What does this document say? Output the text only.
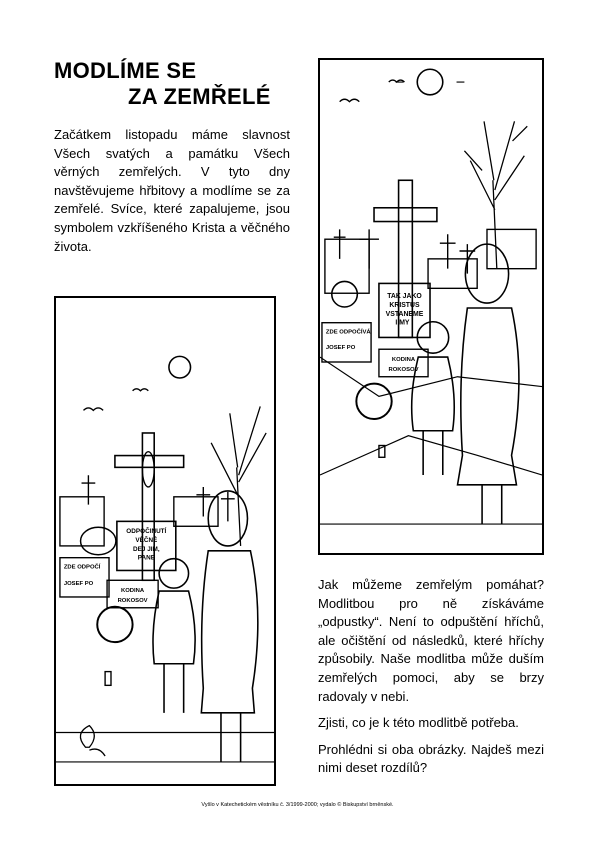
MODLÍME SE
ZA ZEMŘELÉ

Začátkem listopadu máme slavnost Všech svatých a památku Všech věrných zemřelých. V tyto dny navštěvujeme hřbitovy a modlíme se za zemřelé. Svíce, které zapalujeme, jsou symbolem vzkříšeného Krista a věčného života.

TAK JAKO
KRISTUS
VSTANEME
I MY !
ZDE ODPOČÍVÁ
JOSEF PO
KODINA
ROKOSOV
ODPOČINUTÍ
VĚČNÉ
DEJ JIM,
PANE
ZDE ODPOČÍ
JOSEF PO
KODINA
ROKOSOV

Jak můžeme zemřelým pomáhat? Modlitbou pro ně získáváme „odpustky“. Není to odpuštění hříchů, ale očištění od následků, které hříchy způsobily. Naše modlitba může duším zemřelých pomoci, aby se brzy radovaly v nebi.

Zjisti, co je k této modlitbě potřeba.

Prohlédni si oba obrázky. Najdeš mezi nimi deset rozdílů?

Vyšlo v Katechetickém věstníku č. 3/1999-2000; vydalo © Biskupství brněnské.
